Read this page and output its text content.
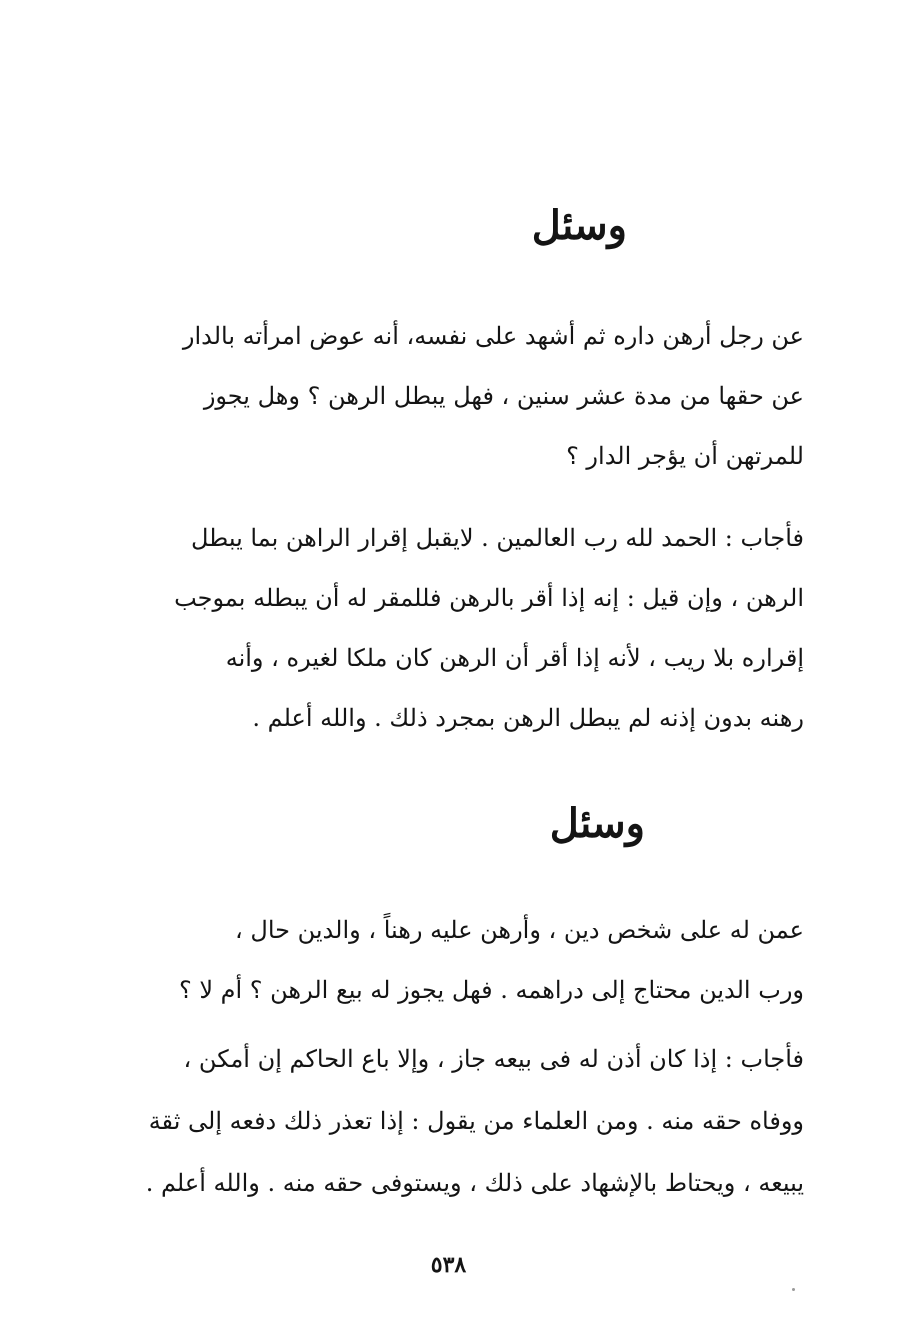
وسئل
عن رجل أرهن داره ثم أشهد على نفسه، أنه عوض امرأته بالدار
عن حقها من مدة عشر سنين ، فهل يبطل الرهن ؟ وهل يجوز
للمرتهن أن يؤجر الدار ؟
فأجاب : الحمد لله رب العالمين . لايقبل إقرار الراهن بما يبطل
الرهن ، وإن قيل : إنه إذا أقر بالرهن فللمقر له أن يبطله بموجب
إقراره بلا ريب ، لأنه إذا أقر أن الرهن كان ملكا لغيره ، وأنه
رهنه بدون إذنه لم يبطل الرهن بمجرد ذلك . والله أعلم .
وسئل
عمن له على شخص دين ، وأرهن عليه رهناً ، والدين حال ،
ورب الدين محتاج إلى دراهمه . فهل يجوز له بيع الرهن ؟ أم لا ؟
فأجاب : إذا كان أذن له فى بيعه جاز ، وإلا باع الحاكم إن أمكن ،
ووفاه حقه منه . ومن العلماء من يقول : إذا تعذر ذلك دفعه إلى ثقة
يبيعه ، ويحتاط بالإشهاد على ذلك ، ويستوفى حقه منه . والله أعلم .
٥٣٨
